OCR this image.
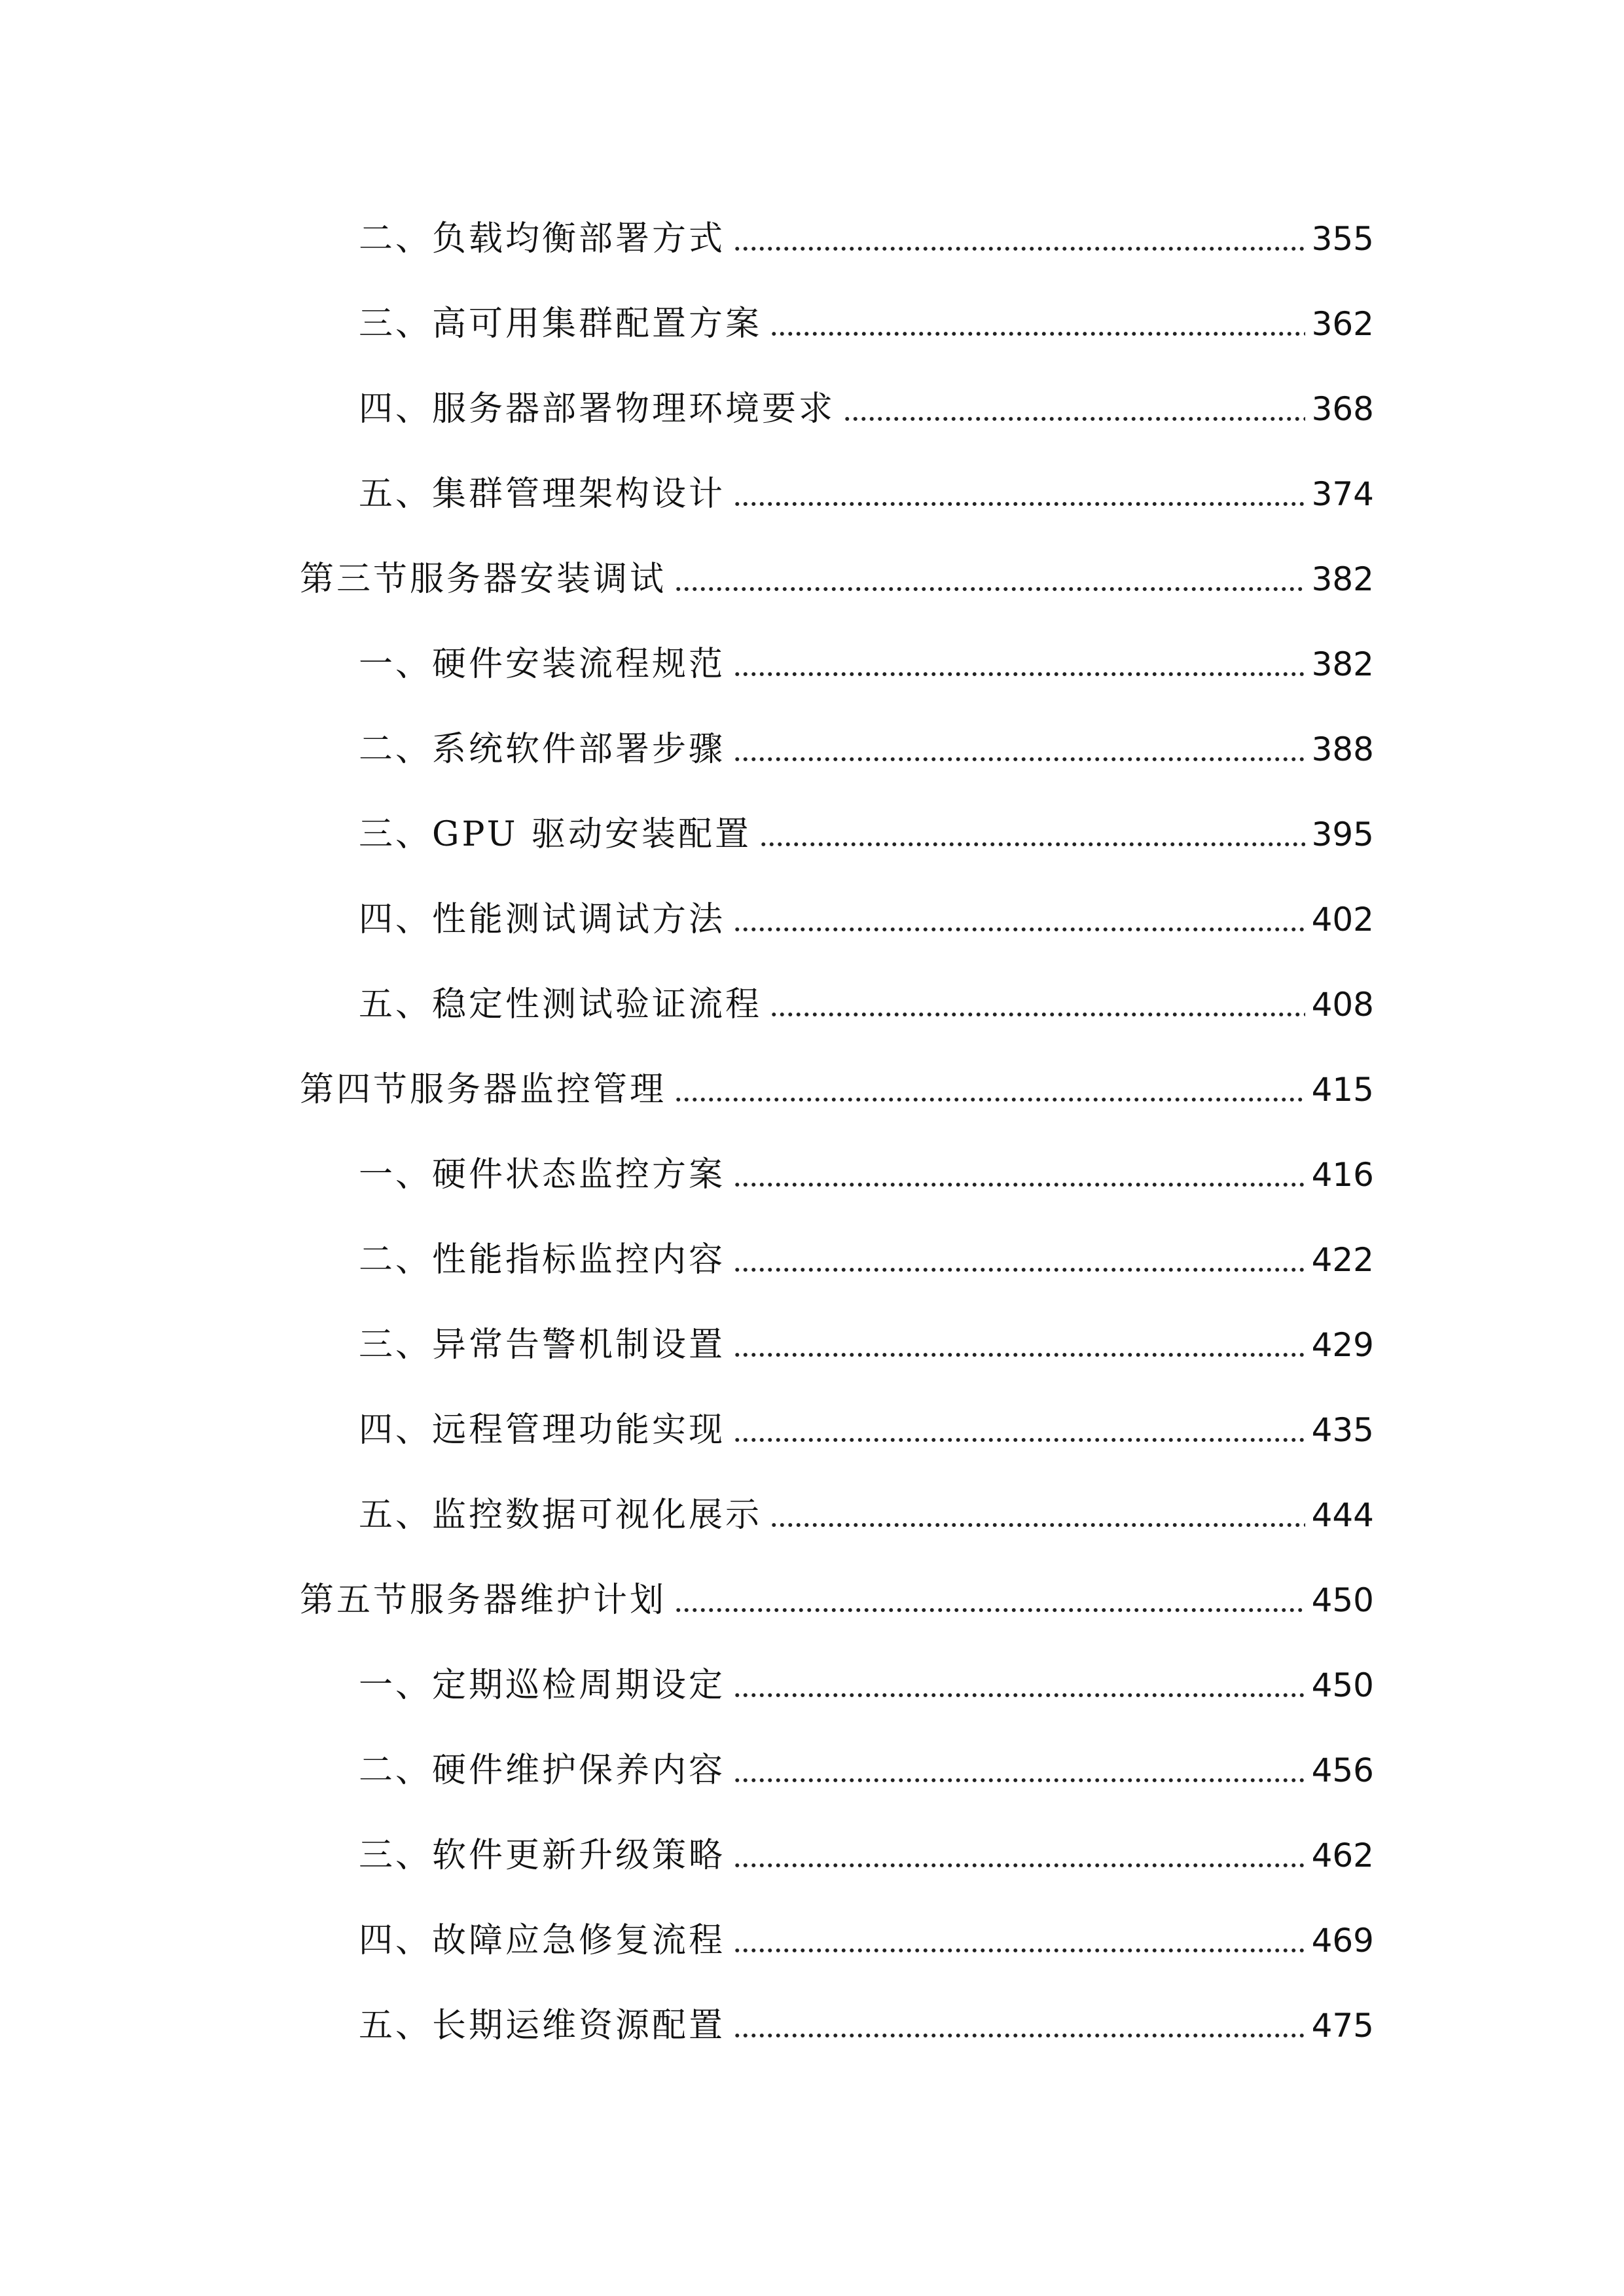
二、负载均衡部署方式	355
三、高可用集群配置方案	362
四、服务器部署物理环境要求	368
五、集群管理架构设计	374
第三节服务器安装调试	382
一、硬件安装流程规范	382
二、系统软件部署步骤	388
三、GPU 驱动安装配置	395
四、性能测试调试方法	402
五、稳定性测试验证流程	408
第四节服务器监控管理	415
一、硬件状态监控方案	416
二、性能指标监控内容	422
三、异常告警机制设置	429
四、远程管理功能实现	435
五、监控数据可视化展示	444
第五节服务器维护计划	450
一、定期巡检周期设定	450
二、硬件维护保养内容	456
三、软件更新升级策略	462
四、故障应急修复流程	469
五、长期运维资源配置	475
